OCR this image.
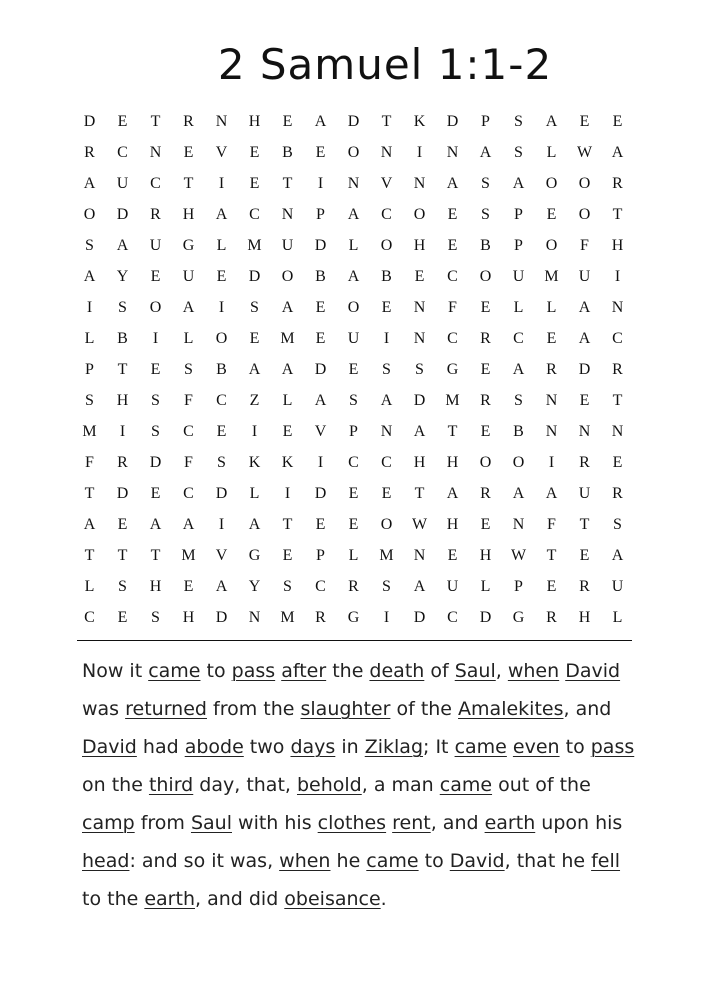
2 Samuel 1:1-2
D	E	T	R	N	H	E	A	D	T	K	D	P	S	A	E	E
R	C	N	E	V	E	B	E	O	N	I	N	A	S	L	W	A
A	U	C	T	I	E	T	I	N	V	N	A	S	A	O	O	R
O	D	R	H	A	C	N	P	A	C	O	E	S	P	E	O	T
S	A	U	G	L	M	U	D	L	O	H	E	B	P	O	F	H
A	Y	E	U	E	D	O	B	A	B	E	C	O	U	M	U	I
I	S	O	A	I	S	A	E	O	E	N	F	E	L	L	A	N
L	B	I	L	O	E	M	E	U	I	N	C	R	C	E	A	C
P	T	E	S	B	A	A	D	E	S	S	G	E	A	R	D	R
S	H	S	F	C	Z	L	A	S	A	D	M	R	S	N	E	T
M	I	S	C	E	I	E	V	P	N	A	T	E	B	N	N	N
F	R	D	F	S	K	K	I	C	C	H	H	O	O	I	R	E
T	D	E	C	D	L	I	D	E	E	T	A	R	A	A	U	R
A	E	A	A	I	A	T	E	E	O	W	H	E	N	F	T	S
T	T	T	M	V	G	E	P	L	M	N	E	H	W	T	E	A
L	S	H	E	A	Y	S	C	R	S	A	U	L	P	E	R	U
C	E	S	H	D	N	M	R	G	I	D	C	D	G	R	H	L
Now it came to pass after the death of Saul, when David was returned from the slaughter of the Amalekites, and David had abode two days in Ziklag; It came even to pass on the third day, that, behold, a man came out of the camp from Saul with his clothes rent, and earth upon his head: and so it was, when he came to David, that he fell to the earth, and did obeisance.
